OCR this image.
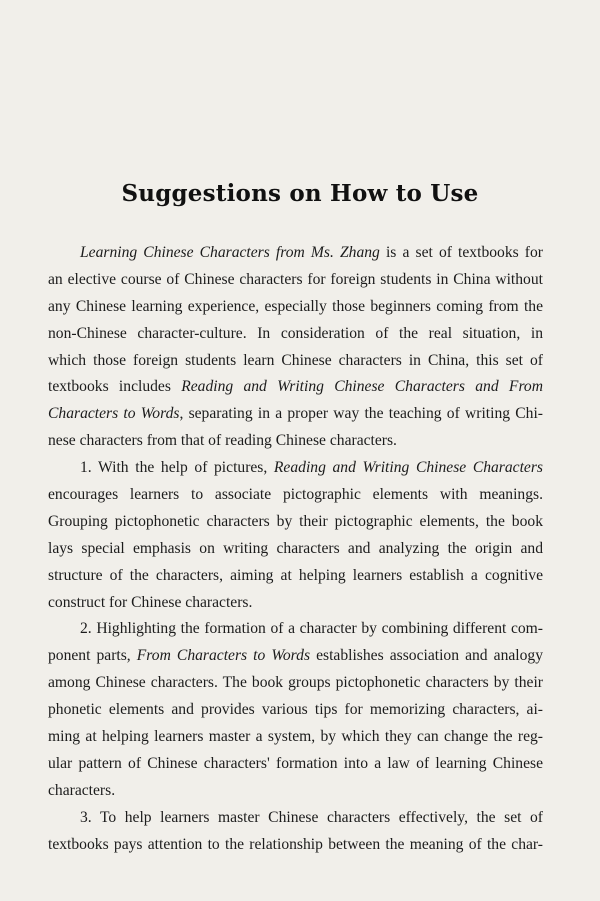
Suggestions on How to Use
Learning Chinese Characters from Ms. Zhang is a set of textbooks for
an elective course of Chinese characters for foreign students in China without
any Chinese learning experience, especially those beginners coming from the
non-Chinese character-culture. In consideration of the real situation, in
which those foreign students learn Chinese characters in China, this set of
textbooks includes Reading and Writing Chinese Characters and From
Characters to Words, separating in a proper way the teaching of writing Chi-
nese characters from that of reading Chinese characters.
1. With the help of pictures, Reading and Writing Chinese Characters
encourages learners to associate pictographic elements with meanings.
Grouping pictophonetic characters by their pictographic elements, the book
lays special emphasis on writing characters and analyzing the origin and
structure of the characters, aiming at helping learners establish a cognitive
construct for Chinese characters.
2. Highlighting the formation of a character by combining different com-
ponent parts, From Characters to Words establishes association and analogy
among Chinese characters. The book groups pictophonetic characters by their
phonetic elements and provides various tips for memorizing characters, ai-
ming at helping learners master a system, by which they can change the reg-
ular pattern of Chinese characters' formation into a law of learning Chinese
characters.
3. To help learners master Chinese characters effectively, the set of
textbooks pays attention to the relationship between the meaning of the char-
